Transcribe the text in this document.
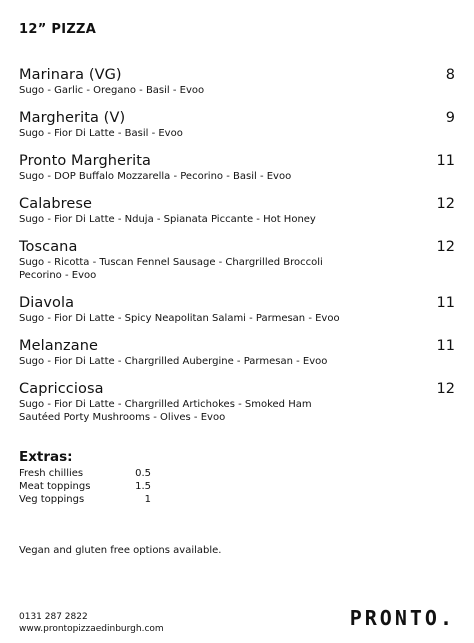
12” PIZZA
Marinara (VG)	8
Sugo - Garlic - Oregano - Basil - Evoo
Margherita (V)	9
Sugo - Fior Di Latte - Basil - Evoo
Pronto Margherita	11
Sugo - DOP Buffalo Mozzarella - Pecorino - Basil - Evoo
Calabrese	12
Sugo - Fior Di Latte - Nduja - Spianata Piccante - Hot Honey
Toscana	12
Sugo - Ricotta - Tuscan Fennel Sausage - Chargrilled Broccoli
Pecorino - Evoo
Diavola	11
Sugo - Fior Di Latte - Spicy Neapolitan Salami - Parmesan - Evoo
Melanzane	11
Sugo - Fior Di Latte - Chargrilled Aubergine - Parmesan - Evoo
Capricciosa	12
Sugo - Fior Di Latte - Chargrilled Artichokes - Smoked Ham
Sautéed Porty Mushrooms - Olives - Evoo
Extras:
Fresh chillies	0.5
Meat toppings	1.5
Veg toppings	1
Vegan and gluten free options available.
0131 287 2822
www.prontopizzaedinburgh.com	PRONTO.
